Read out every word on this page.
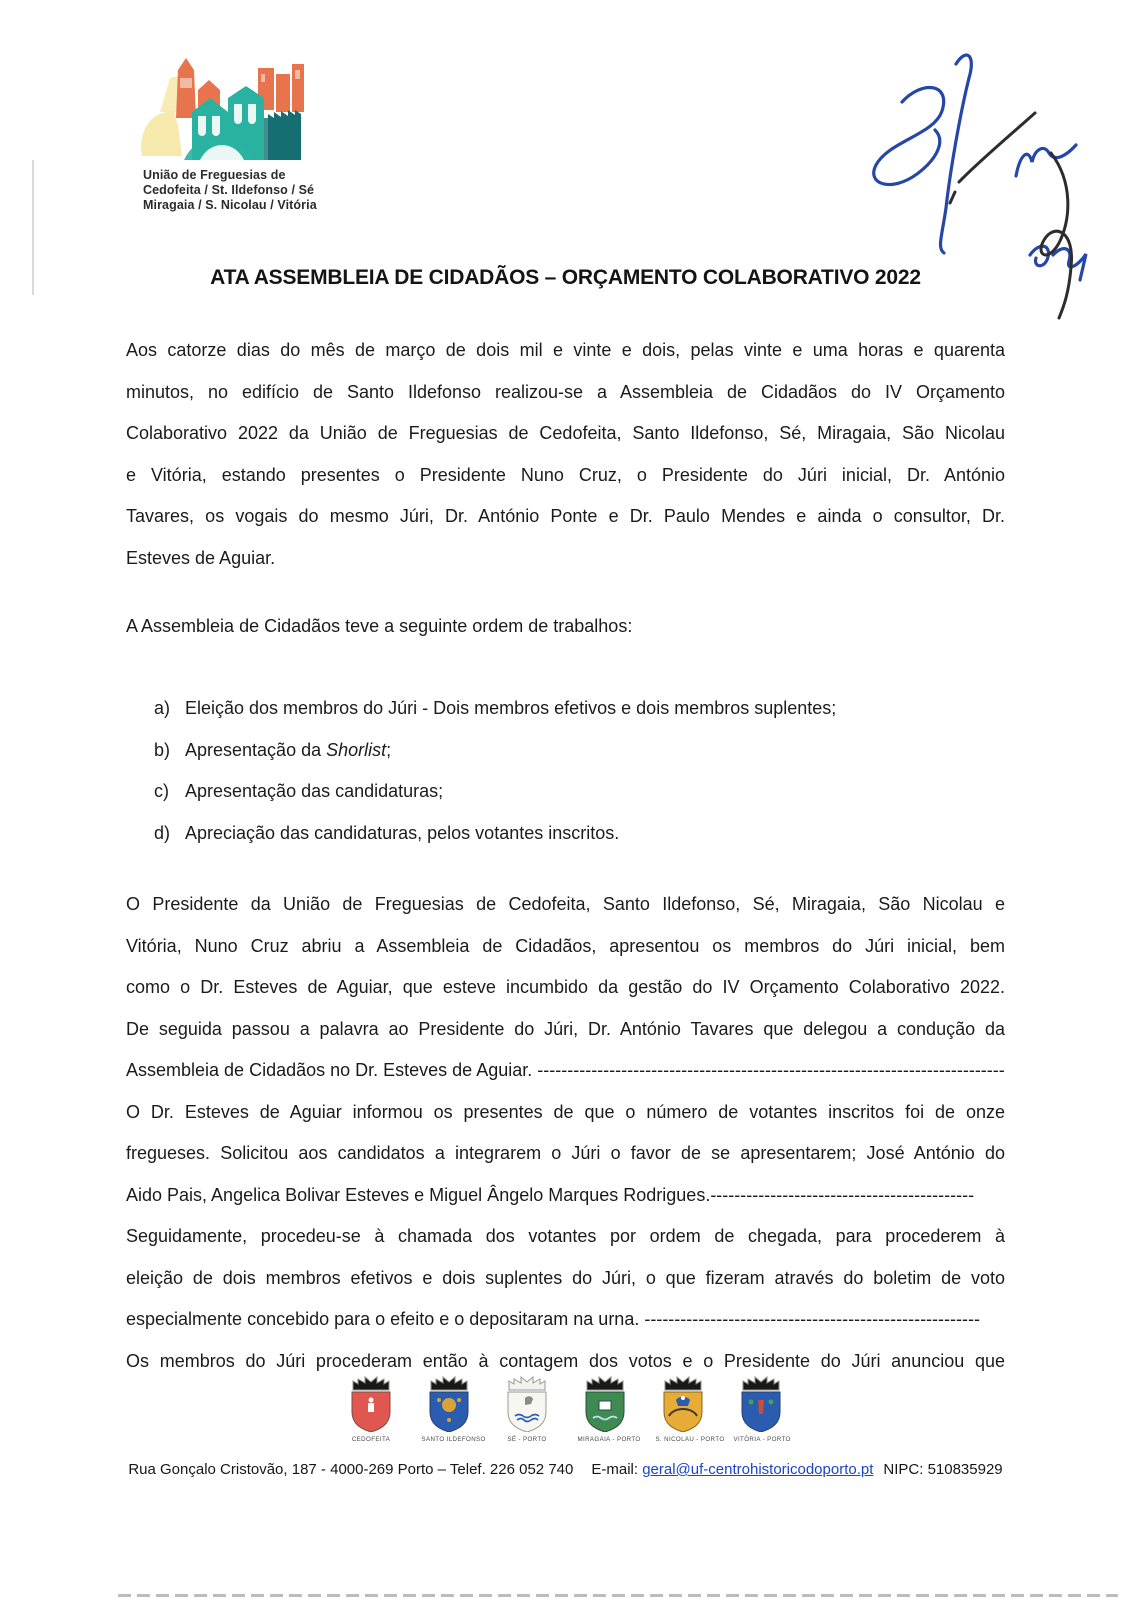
União de Freguesias de
Cedofeita / St. Ildefonso / Sé
Miragaia / S. Nicolau / Vitória
ATA ASSEMBLEIA DE CIDADÃOS – ORÇAMENTO COLABORATIVO 2022
Aos catorze dias do mês de março de dois mil e vinte e dois, pelas vinte e uma horas e quarenta
minutos, no edifício de Santo Ildefonso realizou-se a Assembleia de Cidadãos do IV Orçamento
Colaborativo 2022 da União de Freguesias de Cedofeita, Santo Ildefonso, Sé, Miragaia, São Nicolau
e Vitória, estando presentes o Presidente Nuno Cruz, o Presidente do Júri inicial, Dr. António
Tavares, os vogais do mesmo Júri, Dr. António Ponte e Dr. Paulo Mendes e ainda o consultor, Dr.
Esteves de Aguiar.
A Assembleia de Cidadãos teve a seguinte ordem de trabalhos:
a) Eleição dos membros do Júri - Dois membros efetivos e dois membros suplentes;
b) Apresentação da Shorlist;
c) Apresentação das candidaturas;
d) Apreciação das candidaturas, pelos votantes inscritos.
O Presidente da União de Freguesias de Cedofeita, Santo Ildefonso, Sé, Miragaia, São Nicolau e
Vitória, Nuno Cruz abriu a Assembleia de Cidadãos, apresentou os membros do Júri inicial, bem
como o Dr. Esteves de Aguiar, que esteve incumbido da gestão do IV Orçamento Colaborativo 2022.
De seguida passou a palavra ao Presidente do Júri, Dr. António Tavares que delegou a condução da
Assembleia de Cidadãos no Dr. Esteves de Aguiar. ------------------------------------------------------------------------------
O Dr. Esteves de Aguiar informou os presentes de que o número de votantes inscritos foi de onze
fregueses. Solicitou aos candidatos a integrarem o Júri o favor de se apresentarem; José António do
Aido Pais, Angelica Bolivar Esteves e Miguel Ângelo Marques Rodrigues.--------------------------------------------
Seguidamente, procedeu-se à chamada dos votantes por ordem de chegada, para procederem à
eleição de dois membros efetivos e dois suplentes do Júri, o que fizeram através do boletim de voto
especialmente concebido para o efeito e o depositaram na urna. --------------------------------------------------------
Os membros do Júri procederam então à contagem dos votos e o Presidente do Júri anunciou que
CEDOFEITA	SANTO ILDEFONSO	SÉ - PORTO	MIRAGAIA - PORTO S. NICOLAU - PORTO VITÓRIA - PORTO
Rua Gonçalo Cristovão, 187 - 4000-269 Porto – Telef. 226 052 740 E-mail: geral@uf-centrohistoricodoporto.pt NIPC: 510835929
